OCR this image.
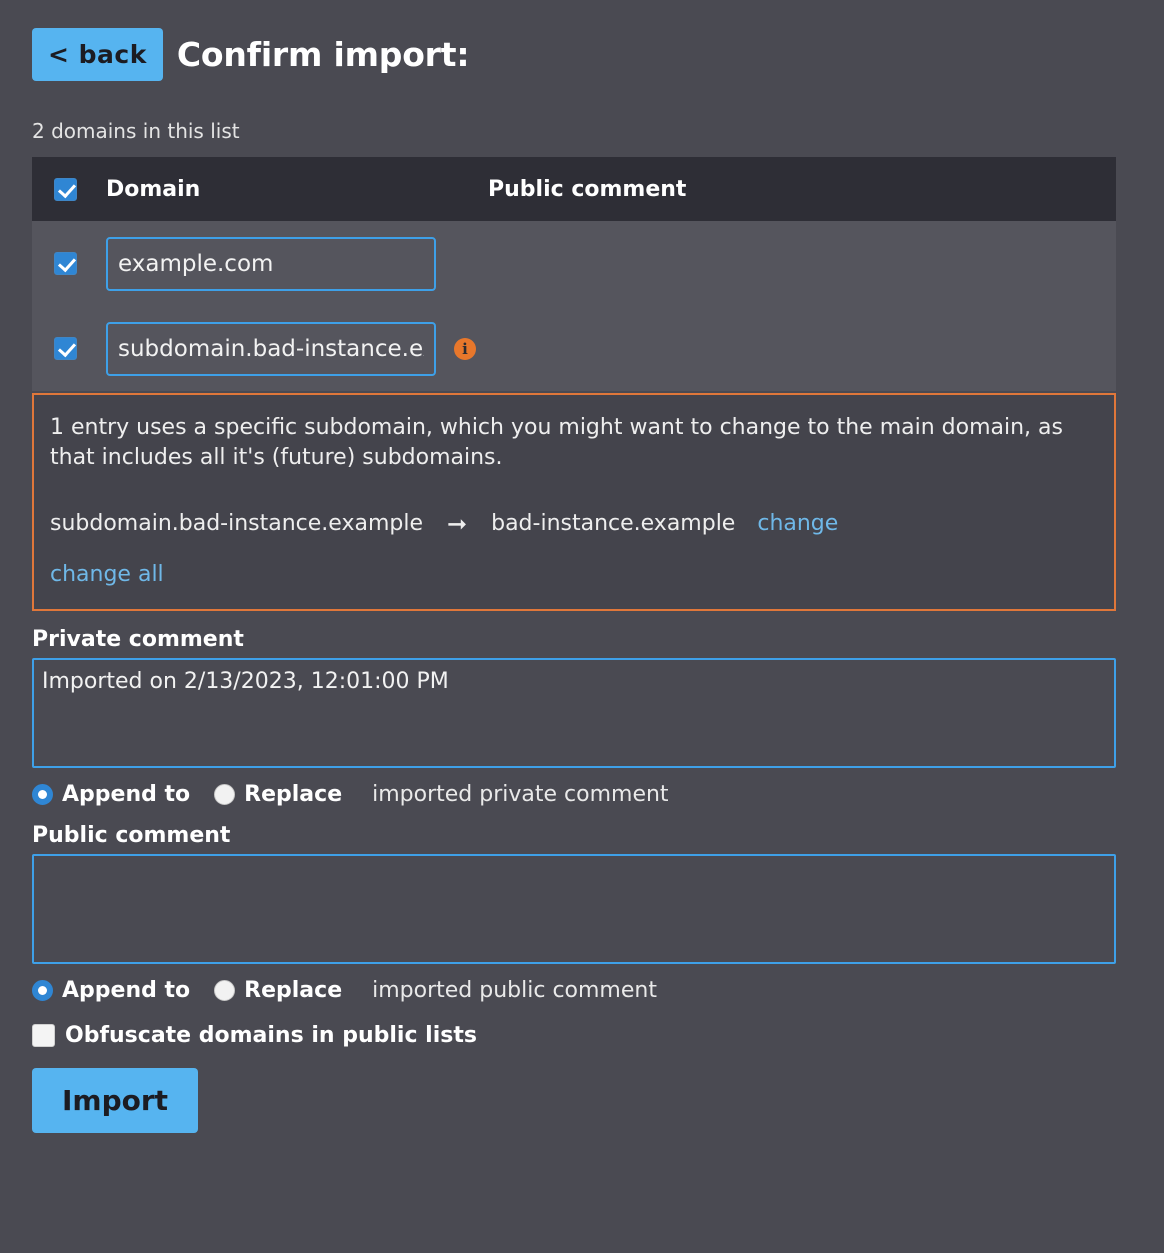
< back Confirm import:
2 domains in this list
Domain	Public comment
example.com
subdomain.bad-instance.ex
i
1 entry uses a specific subdomain, which you might want to change to the main domain, as that includes all it's (future) subdomains.
subdomain.bad-instance.example ➞ bad-instance.example change
change all
Private comment
Imported on 2/13/2023, 12:01:00 PM
Append to Replace imported private comment
Public comment
Append to Replace imported public comment
Obfuscate domains in public lists
Import
